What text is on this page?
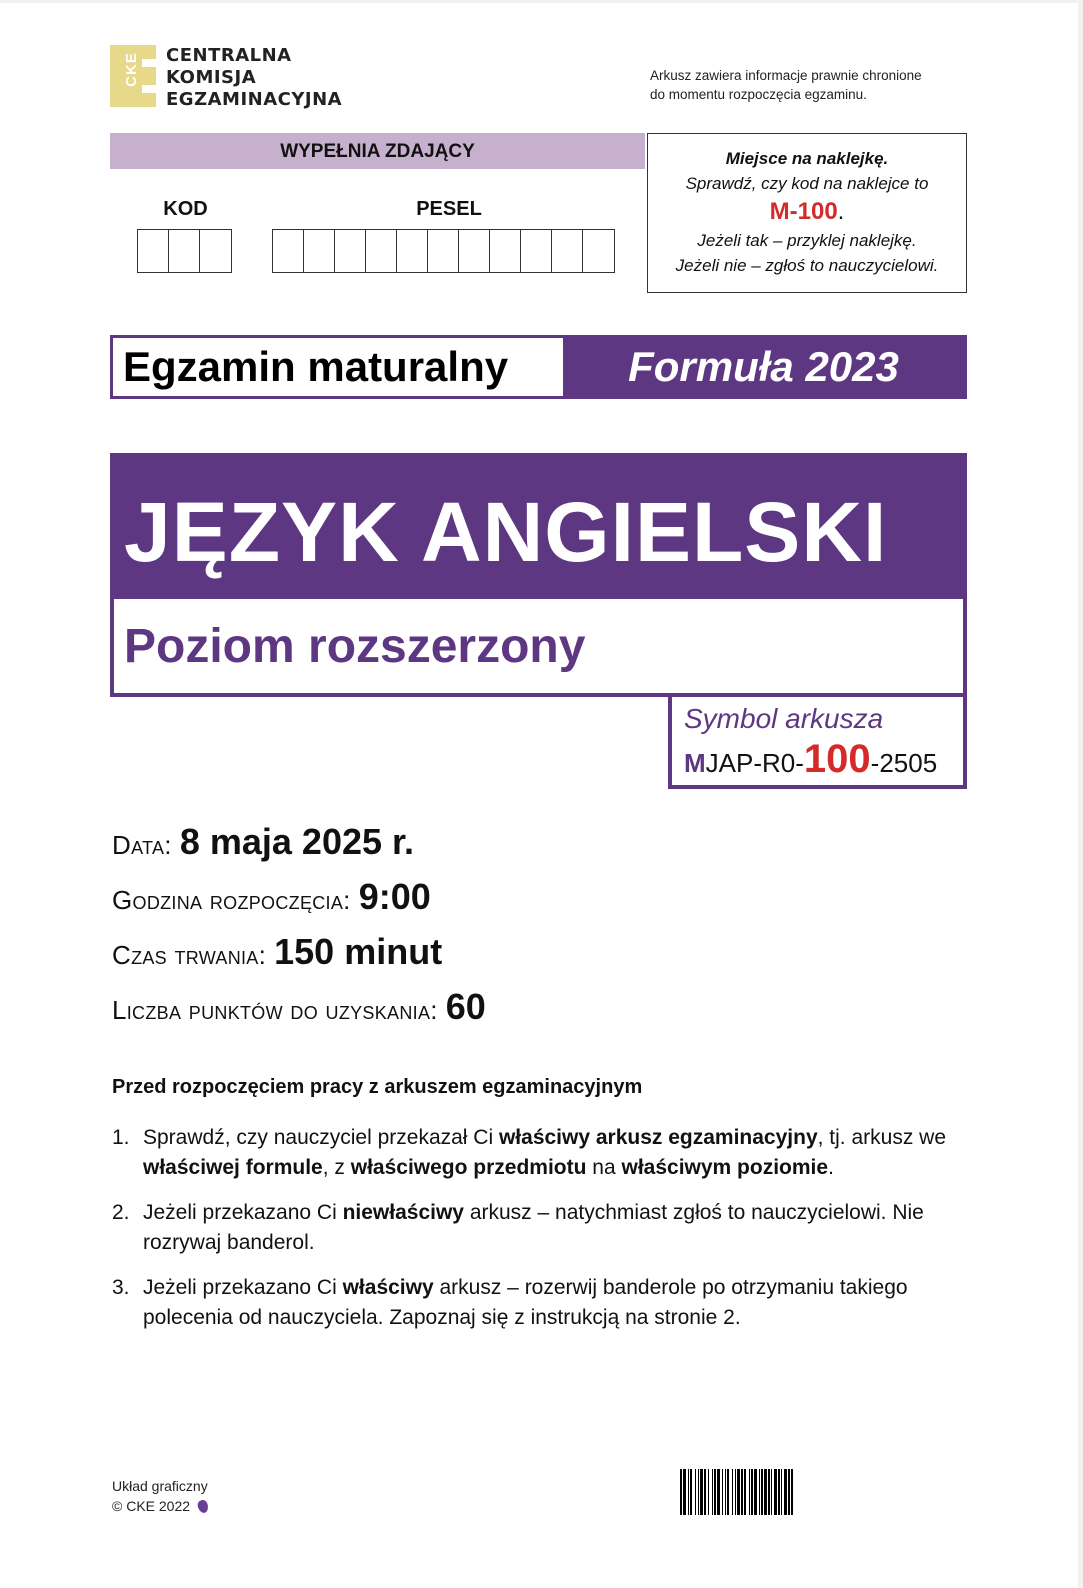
CKE CENTRALNA
KOMISJA
EGZAMINACYJNA
Arkusz zawiera informacje prawnie chronione
do momentu rozpoczęcia egzaminu.
WYPEŁNIA ZDAJĄCY
KOD	PESEL
Miejsce na naklejkę.
Sprawdź, czy kod na naklejce to
M-100.
Jeżeli tak – przyklej naklejkę.
Jeżeli nie – zgłoś to nauczycielowi.
Egzamin maturalny	Formuła 2023
JĘZYK ANGIELSKI
Poziom rozszerzony
Symbol arkusza
MJAP-R0-100-2505
Data: 8 maja 2025 r.
Godzina rozpoczęcia: 9:00
Czas trwania: 150 minut
Liczba punktów do uzyskania: 60
Przed rozpoczęciem pracy z arkuszem egzaminacyjnym
1. Sprawdź, czy nauczyciel przekazał Ci właściwy arkusz egzaminacyjny, tj. arkusz we właściwej formule, z właściwego przedmiotu na właściwym poziomie.
2. Jeżeli przekazano Ci niewłaściwy arkusz – natychmiast zgłoś to nauczycielowi. Nie rozrywaj banderol.
3. Jeżeli przekazano Ci właściwy arkusz – rozerwij banderole po otrzymaniu takiego polecenia od nauczyciela. Zapoznaj się z instrukcją na stronie 2.
Układ graficzny
© CKE 2022
